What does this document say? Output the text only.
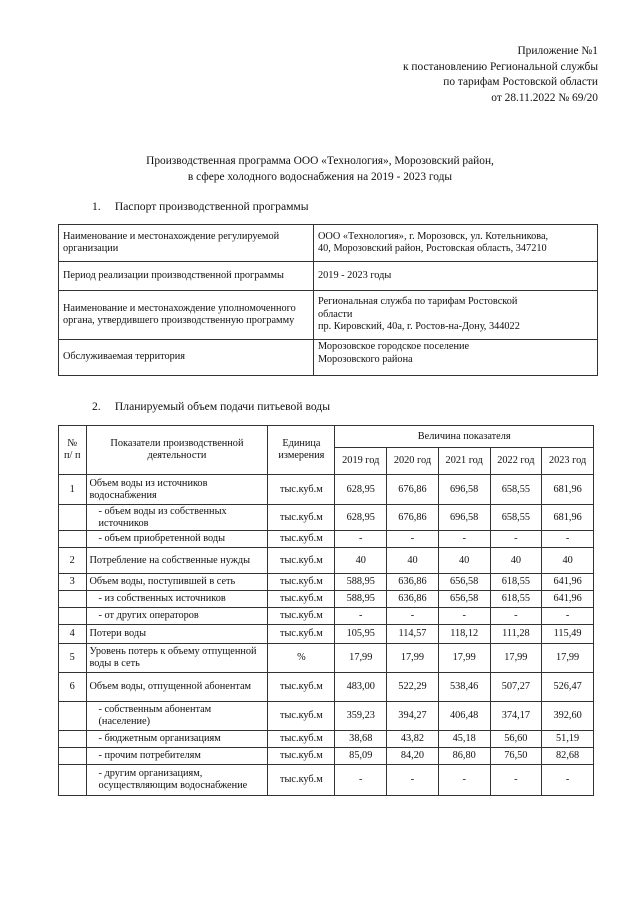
Приложение №1
к постановлению Региональной службы
по тарифам Ростовской области
от 28.11.2022 № 69/20
Производственная программа ООО «Технология», Морозовский район,
в сфере холодного водоснабжения на 2019 - 2023 годы
1. Паспорт производственной программы
Наименование и местонахождение регулируемой организации	ООО «Технология», г. Морозовск, ул. Котельникова,
40, Морозовский район, Ростовская область, 347210

Период реализации производственной программы	2019 - 2023 годы

Наименование и местонахождение уполномоченного органа, утвердившего производственную программу	Региональная служба по тарифам Ростовской
области
пр. Кировский, 40а, г. Ростов-на-Дону, 344022

Обслуживаемая территория	Морозовское городское поселение
Морозовского района
2. Планируемый объем подачи питьевой воды
№ п/ п	Показатели производственной деятельности	Единица измерения	Величина показателя				
			2019 год	2020 год	2021 год	2022 год	2023 год
1	Объем воды из источников водоснабжения	тыс.куб.м	628,95	676,86	696,58	658,55	681,96
	- объем воды из собственных источников	тыс.куб.м	628,95	676,86	696,58	658,55	681,96
	- объем приобретенной воды	тыс.куб.м	-	-	-	-	-
2	Потребление на собственные нужды	тыс.куб.м	40	40	40	40	40
3	Объем воды, поступившей в сеть	тыс.куб.м	588,95	636,86	656,58	618,55	641,96
	- из собственных источников	тыс.куб.м	588,95	636,86	656,58	618,55	641,96
	- от других операторов	тыс.куб.м	-	-	-	-	-
4	Потери воды	тыс.куб.м	105,95	114,57	118,12	111,28	115,49
5	Уровень потерь к объему отпущенной воды в сеть	%	17,99	17,99	17,99	17,99	17,99
6	Объем воды, отпущенной абонентам	тыс.куб.м	483,00	522,29	538,46	507,27	526,47
	- собственным абонентам (население)	тыс.куб.м	359,23	394,27	406,48	374,17	392,60
	- бюджетным организациям	тыс.куб.м	38,68	43,82	45,18	56,60	51,19
	- прочим потребителям	тыс.куб.м	85,09	84,20	86,80	76,50	82,68
	- другим организациям, осуществляющим водоснабжение	тыс.куб.м	-	-	-	-	-
